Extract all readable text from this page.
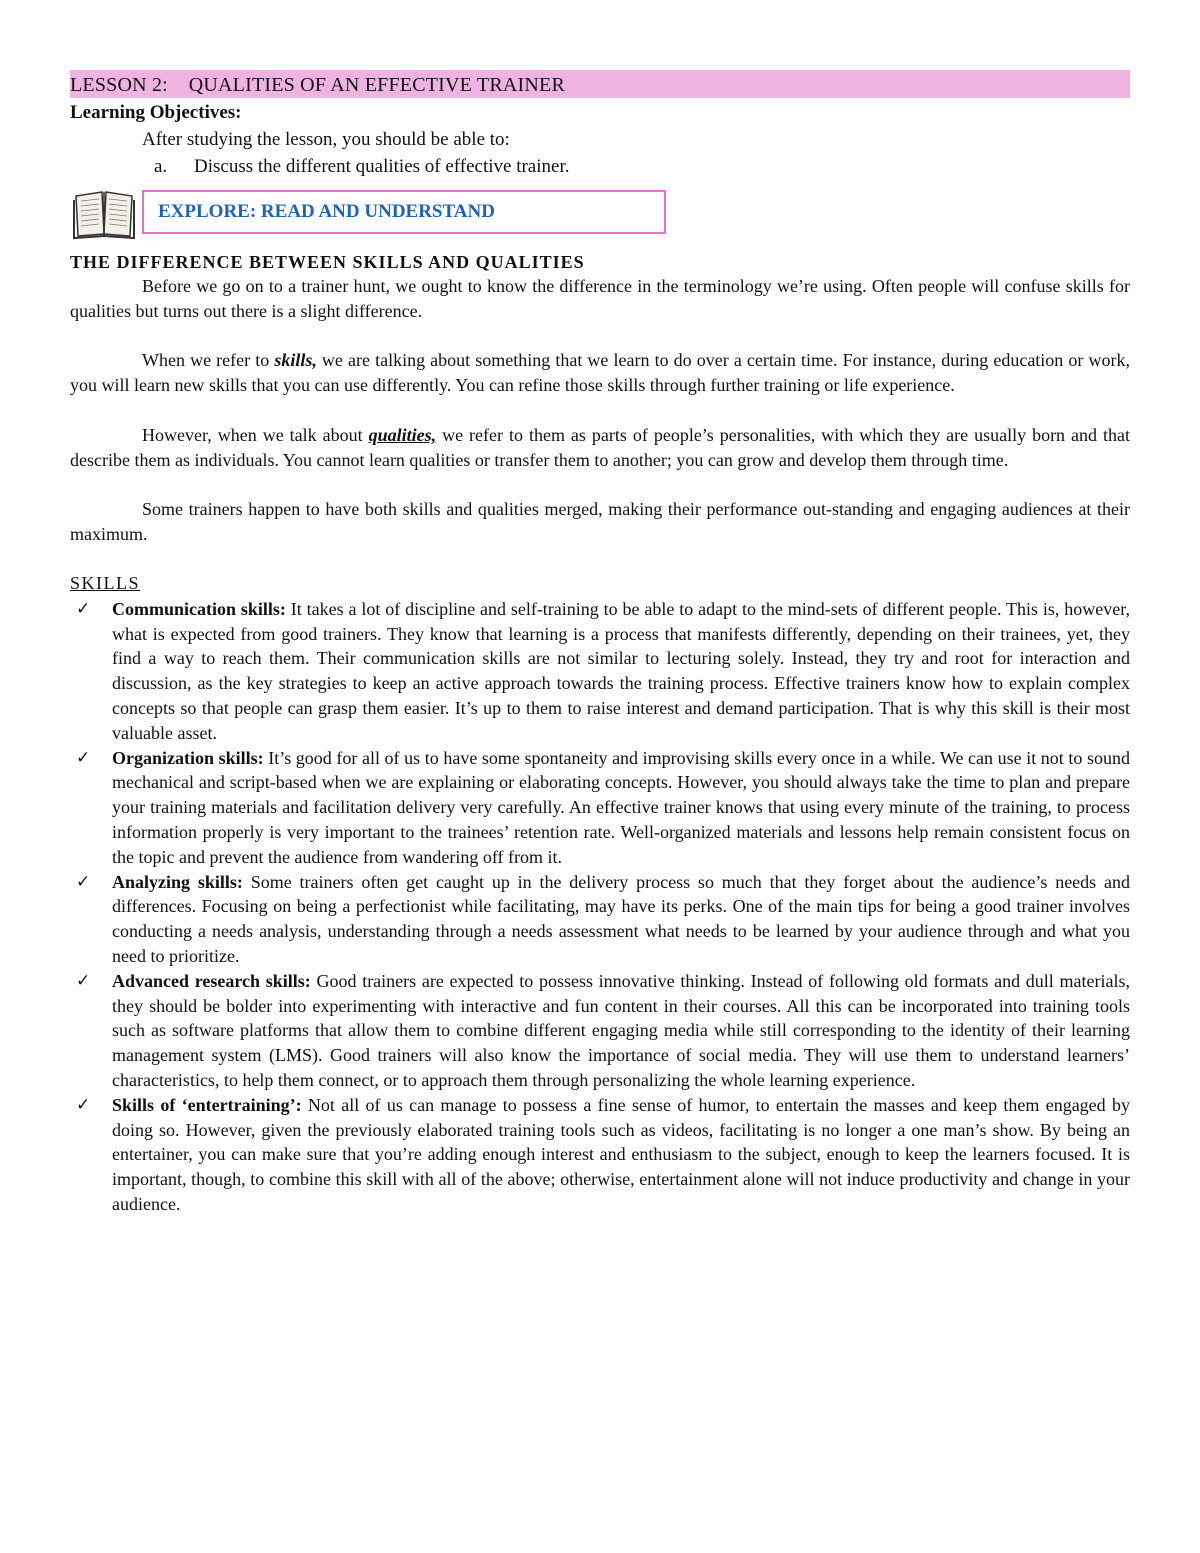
LESSON 2: QUALITIES OF AN EFFECTIVE TRAINER
Learning Objectives:
After studying the lesson, you should be able to:
a.	Discuss the different qualities of effective trainer.
EXPLORE: READ AND UNDERSTAND
THE DIFFERENCE BETWEEN SKILLS AND QUALITIES

Before we go on to a trainer hunt, we ought to know the difference in the terminology we’re using. Often people will confuse skills for qualities but turns out there is a slight difference.

When we refer to skills, we are talking about something that we learn to do over a certain time. For instance, during education or work, you will learn new skills that you can use differently. You can refine those skills through further training or life experience.

However, when we talk about qualities, we refer to them as parts of people’s personalities, with which they are usually born and that describe them as individuals. You cannot learn qualities or transfer them to another; you can grow and develop them through time.

Some trainers happen to have both skills and qualities merged, making their performance out-standing and engaging audiences at their maximum.

SKILLS
✓ Communication skills: It takes a lot of discipline and self-training to be able to adapt to the mind-sets of different people. This is, however, what is expected from good trainers. They know that learning is a process that manifests differently, depending on their trainees, yet, they find a way to reach them. Their communication skills are not similar to lecturing solely. Instead, they try and root for interaction and discussion, as the key strategies to keep an active approach towards the training process. Effective trainers know how to explain complex concepts so that people can grasp them easier. It’s up to them to raise interest and demand participation. That is why this skill is their most valuable asset.
✓ Organization skills: It’s good for all of us to have some spontaneity and improvising skills every once in a while. We can use it not to sound mechanical and script-based when we are explaining or elaborating concepts. However, you should always take the time to plan and prepare your training materials and facilitation delivery very carefully. An effective trainer knows that using every minute of the training, to process information properly is very important to the trainees’ retention rate. Well-organized materials and lessons help remain consistent focus on the topic and prevent the audience from wandering off from it.
✓ Analyzing skills: Some trainers often get caught up in the delivery process so much that they forget about the audience’s needs and differences. Focusing on being a perfectionist while facilitating, may have its perks. One of the main tips for being a good trainer involves conducting a needs analysis, understanding through a needs assessment what needs to be learned by your audience through and what you need to prioritize.
✓ Advanced research skills: Good trainers are expected to possess innovative thinking. Instead of following old formats and dull materials, they should be bolder into experimenting with interactive and fun content in their courses. All this can be incorporated into training tools such as software platforms that allow them to combine different engaging media while still corresponding to the identity of their learning management system (LMS). Good trainers will also know the importance of social media. They will use them to understand learners’ characteristics, to help them connect, or to approach them through personalizing the whole learning experience.
✓ Skills of ‘entertraining’: Not all of us can manage to possess a fine sense of humor, to entertain the masses and keep them engaged by doing so. However, given the previously elaborated training tools such as videos, facilitating is no longer a one man’s show. By being an entertainer, you can make sure that you’re adding enough interest and enthusiasm to the subject, enough to keep the learners focused. It is important, though, to combine this skill with all of the above; otherwise, entertainment alone will not induce productivity and change in your audience.
